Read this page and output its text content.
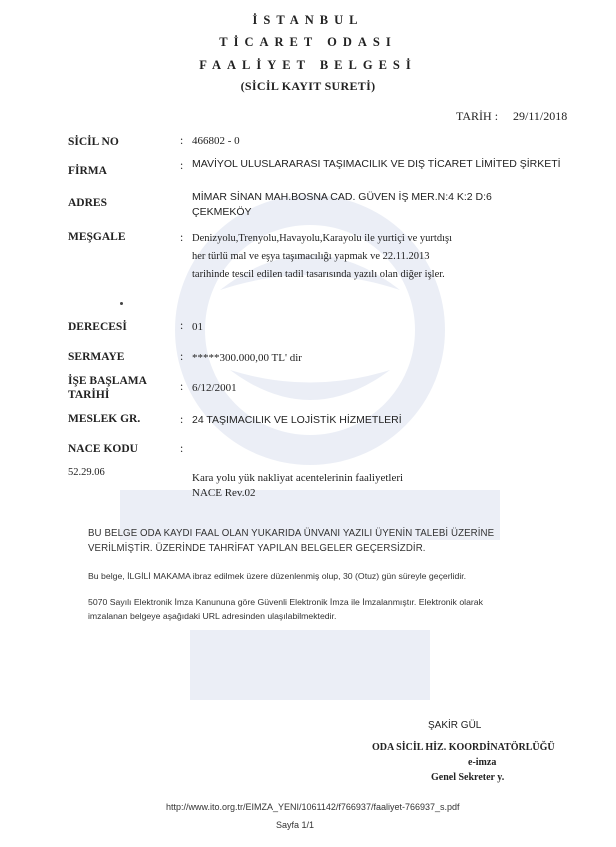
İSTANBUL
TİCARET ODASI
FAALİYET BELGESİ
(SİCİL KAYIT SURETİ)
TARİH : 29/11/2018
SİCİL NO	: 466802 - 0
FİRMA	: MAVİYOL ULUSLARARASI TAŞIMACILIK VE DIŞ TİCARET LİMİTED ŞİRKETİ
ADRES	MİMAR SİNAN MAH.BOSNA CAD. GÜVEN İŞ MER.N:4 K:2 D:6 ÇEKMEKÖY
MEŞGALE	: Denizyolu,Trenyolu,Havayolu,Karayolu ile yurtiçi ve yurtdışı her türlü mal ve eşya taşımacılığı yapmak ve 22.11.2013 tarihinde tescil edilen tadil tasarısında yazılı olan diğer işler.
DERECESİ	: 01
SERMAYE	: *****300.000,00 TL' dir
İŞE BAŞLAMA TARİHİ
: 6/12/2001
MESLEK GR.	: 24 TAŞIMACILIK VE LOJİSTİK HİZMETLERİ
NACE KODU	:
52.29.06	Kara yolu yük nakliyat acentelerinin faaliyetleri
NACE Rev.02
BU BELGE ODA KAYDI FAAL OLAN YUKARIDA ÜNVANI YAZILI ÜYENİN TALEBİ ÜZERİNE
VERİLMİŞTİR. ÜZERİNDE TAHRİFAT YAPILAN BELGELER GEÇERSİZDİR.
Bu belge, İLGİLİ MAKAMA ibraz edilmek üzere düzenlenmiş olup, 30 (Otuz) gün süreyle geçerlidir.
5070 Sayılı Elektronik İmza Kanununa göre Güvenli Elektronik İmza ile İmzalanmıştır. Elektronik olarak
imzalanan belgeye aşağıdaki URL adresinden ulaşılabilmektedir.
ŞAKİR GÜL
ODA SİCİL HİZ. KOORDİNATÖRLÜĞÜ
e-imza
Genel Sekreter y.
http://www.ito.org.tr/EIMZA_YENI/1061142/f766937/faaliyet-766937_s.pdf
Sayfa 1/1
